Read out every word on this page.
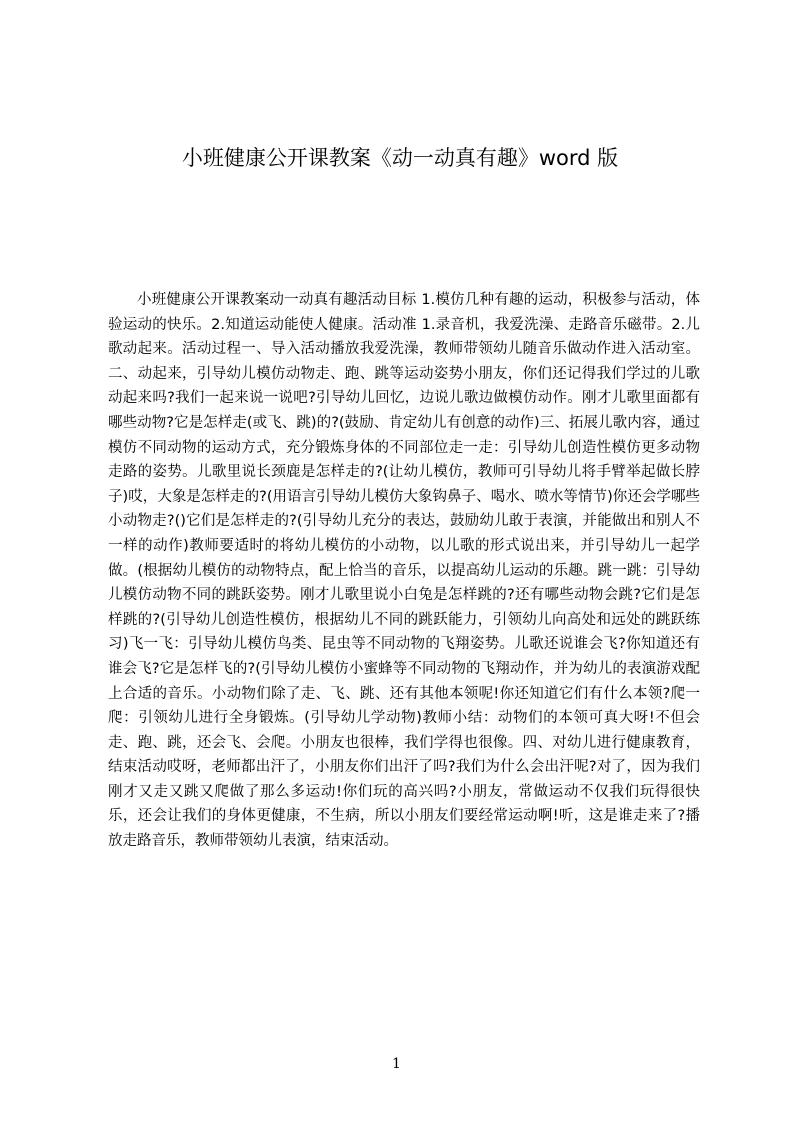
小班健康公开课教案《动一动真有趣》word 版

小班健康公开课教案动一动真有趣活动目标 1.模仿几种有趣的运动，积极参与活动，体验运动的快乐。2.知道运动能使人健康。活动准 1.录音机，我爱洗澡、走路音乐磁带。2.儿歌动起来。活动过程一、导入活动播放我爱洗澡，教师带领幼儿随音乐做动作进入活动室。二、动起来，引导幼儿模仿动物走、跑、跳等运动姿势小朋友，你们还记得我们学过的儿歌动起来吗?我们一起来说一说吧?引导幼儿回忆，边说儿歌边做模仿动作。刚才儿歌里面都有哪些动物?它是怎样走(或飞、跳)的?(鼓励、肯定幼儿有创意的动作)三、拓展儿歌内容，通过模仿不同动物的运动方式，充分锻炼身体的不同部位走一走：引导幼儿创造性模仿更多动物走路的姿势。儿歌里说长颈鹿是怎样走的?(让幼儿模仿，教师可引导幼儿将手臂举起做长脖子)哎，大象是怎样走的?(用语言引导幼儿模仿大象钩鼻子、喝水、喷水等情节)你还会学哪些小动物走?()它们是怎样走的?(引导幼儿充分的表达，鼓励幼儿敢于表演，并能做出和别人不一样的动作)教师要适时的将幼儿模仿的小动物，以儿歌的形式说出来，并引导幼儿一起学做。(根据幼儿模仿的动物特点，配上恰当的音乐，以提高幼儿运动的乐趣。跳一跳：引导幼儿模仿动物不同的跳跃姿势。刚才儿歌里说小白兔是怎样跳的?还有哪些动物会跳?它们是怎样跳的?(引导幼儿创造性模仿，根据幼儿不同的跳跃能力，引领幼儿向高处和远处的跳跃练习)飞一飞：引导幼儿模仿鸟类、昆虫等不同动物的飞翔姿势。儿歌还说谁会飞?你知道还有谁会飞?它是怎样飞的?(引导幼儿模仿小蜜蜂等不同动物的飞翔动作，并为幼儿的表演游戏配上合适的音乐。小动物们除了走、飞、跳、还有其他本领呢!你还知道它们有什么本领?爬一爬：引领幼儿进行全身锻炼。(引导幼儿学动物)教师小结：动物们的本领可真大呀!不但会走、跑、跳，还会飞、会爬。小朋友也很棒，我们学得也很像。四、对幼儿进行健康教育，结束活动哎呀，老师都出汗了，小朋友你们出汗了吗?我们为什么会出汗呢?对了，因为我们刚才又走又跳又爬做了那么多运动!你们玩的高兴吗?小朋友，常做运动不仅我们玩得很快乐，还会让我们的身体更健康，不生病，所以小朋友们要经常运动啊!听，这是谁走来了?播放走路音乐，教师带领幼儿表演，结束活动。

1
